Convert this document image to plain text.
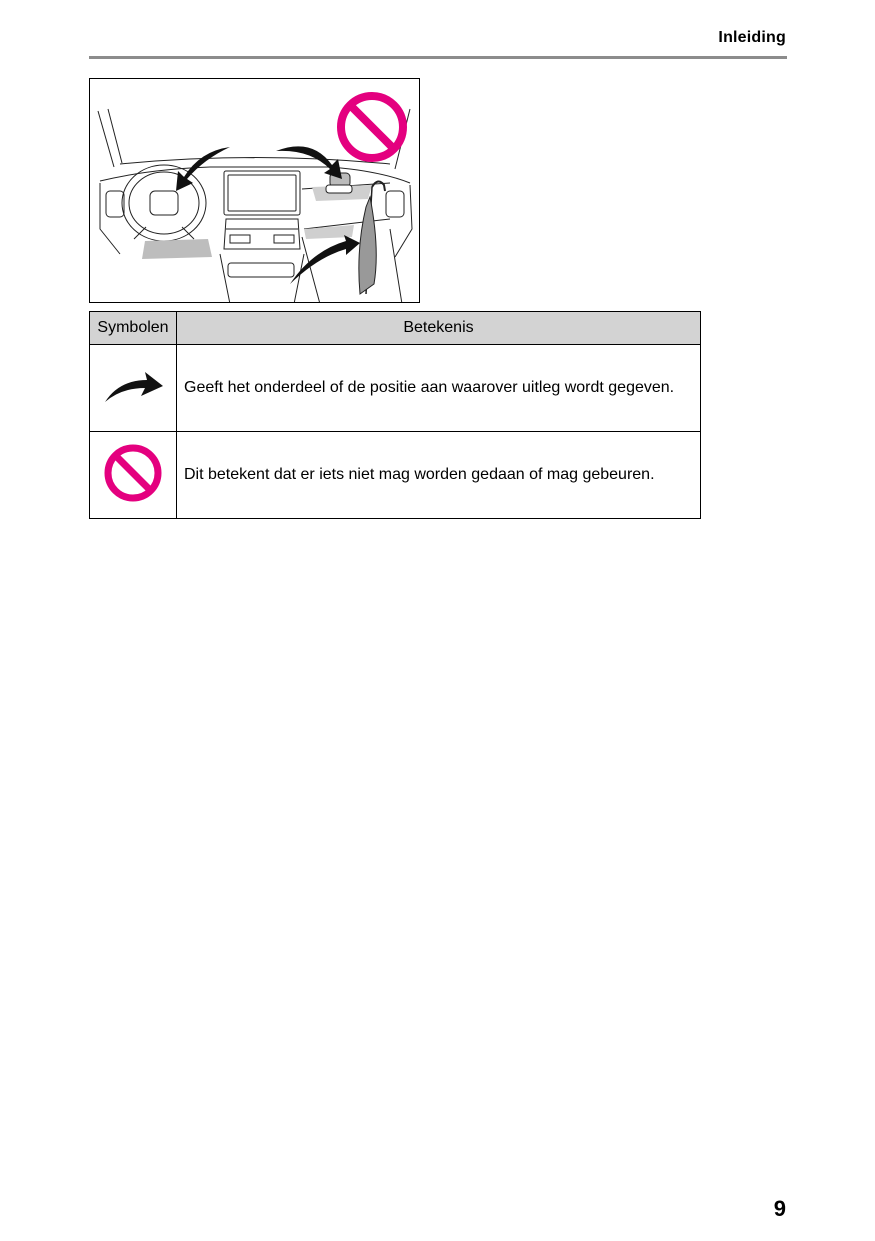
Inleiding
Symbolen	Betekenis
	Geeft het onderdeel of de positie aan waarover uitleg wordt gegeven.
	Dit betekent dat er iets niet mag worden gedaan of mag gebeuren.
9
